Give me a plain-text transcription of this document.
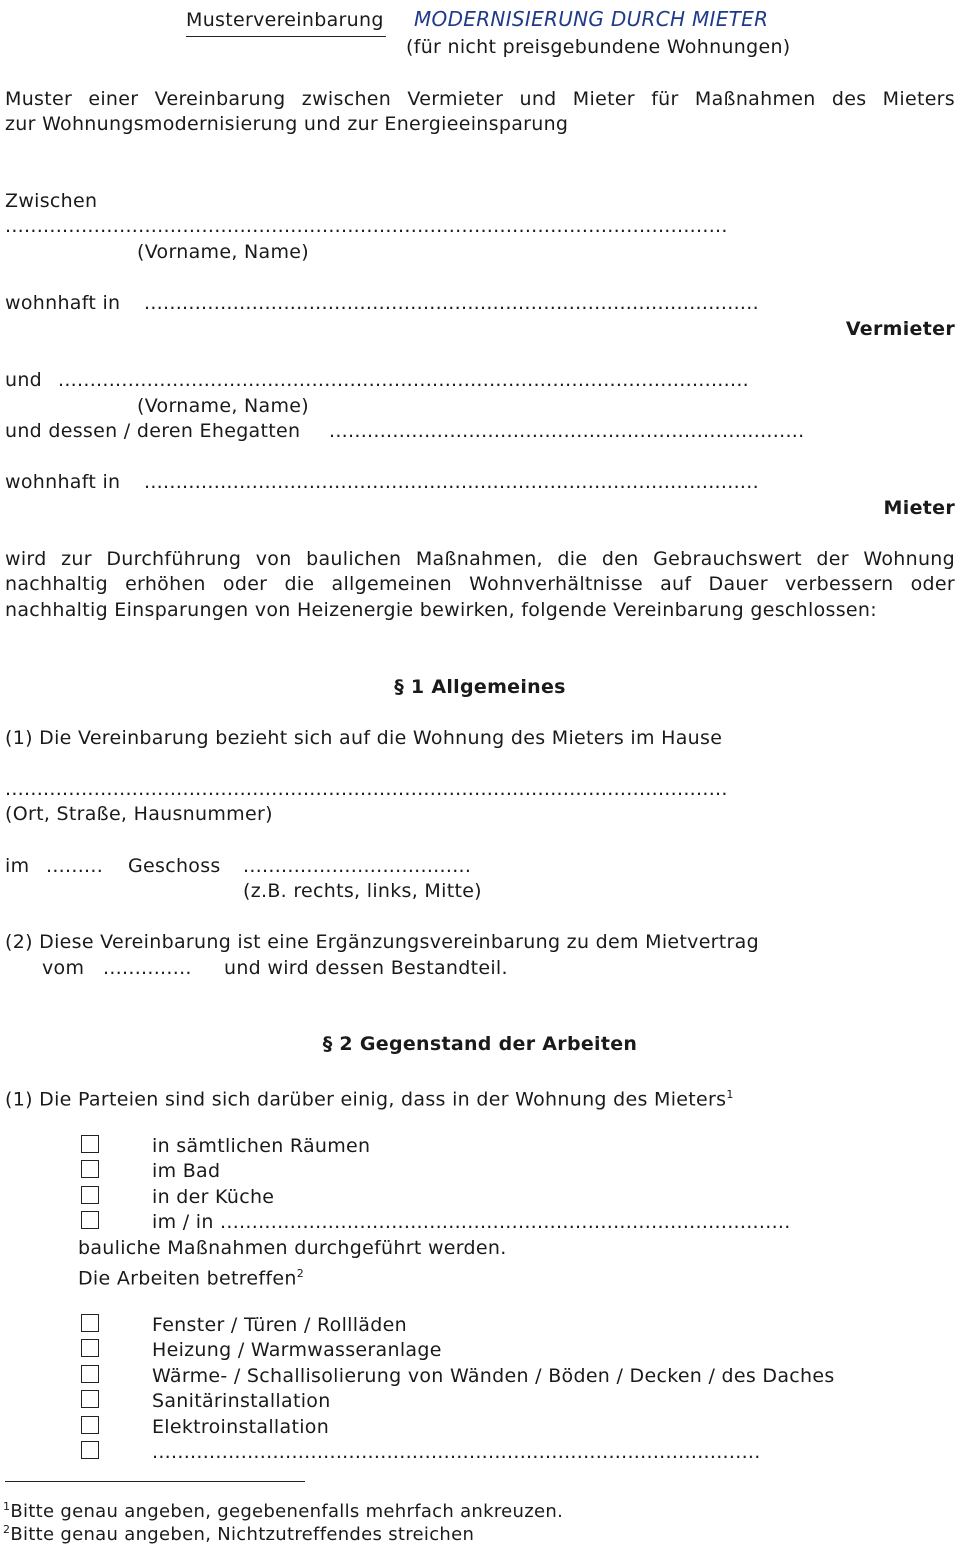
Mustervereinbarung MODERNISIERUNG DURCH MIETER
(für nicht preisgebundene Wohnungen)
Muster einer Vereinbarung zwischen Vermieter und Mieter für Maßnahmen des Mieters
zur Wohnungsmodernisierung und zur Energieeinsparung
Zwischen
..................................................................................................................
(Vorname, Name)
wohnhaft in .................................................................................................
Vermieter
und .............................................................................................................
(Vorname, Name)
und dessen / deren Ehegatten ...........................................................................
wohnhaft in .................................................................................................
Mieter
wird zur Durchführung von baulichen Maßnahmen, die den Gebrauchswert der Wohnung
nachhaltig erhöhen oder die allgemeinen Wohnverhältnisse auf Dauer verbessern oder
nachhaltig Einsparungen von Heizenergie bewirken, folgende Vereinbarung geschlossen:
§ 1 Allgemeines
(1) Die Vereinbarung bezieht sich auf die Wohnung des Mieters im Hause
..................................................................................................................
(Ort, Straße, Hausnummer)
im ......... Geschoss ....................................
(z.B. rechts, links, Mitte)
(2) Diese Vereinbarung ist eine Ergänzungsvereinbarung zu dem Mietvertrag
vom .............. und wird dessen Bestandteil.
§ 2 Gegenstand der Arbeiten
(1) Die Parteien sind sich darüber einig, dass in der Wohnung des Mieters$^1$
in sämtlichen Räumen
im Bad
in der Küche
im / in ..........................................................................................
bauliche Maßnahmen durchgeführt werden.
Die Arbeiten betreffen$^2$
Fenster / Türen / Rollläden
Heizung / Warmwasseranlage
Wärme- / Schallisolierung von Wänden / Böden / Decken / des Daches
Sanitärinstallation
Elektroinstallation
................................................................................................
$^1$Bitte genau angeben, gegebenenfalls mehrfach ankreuzen.
$^2$Bitte genau angeben, Nichtzutreffendes streichen
